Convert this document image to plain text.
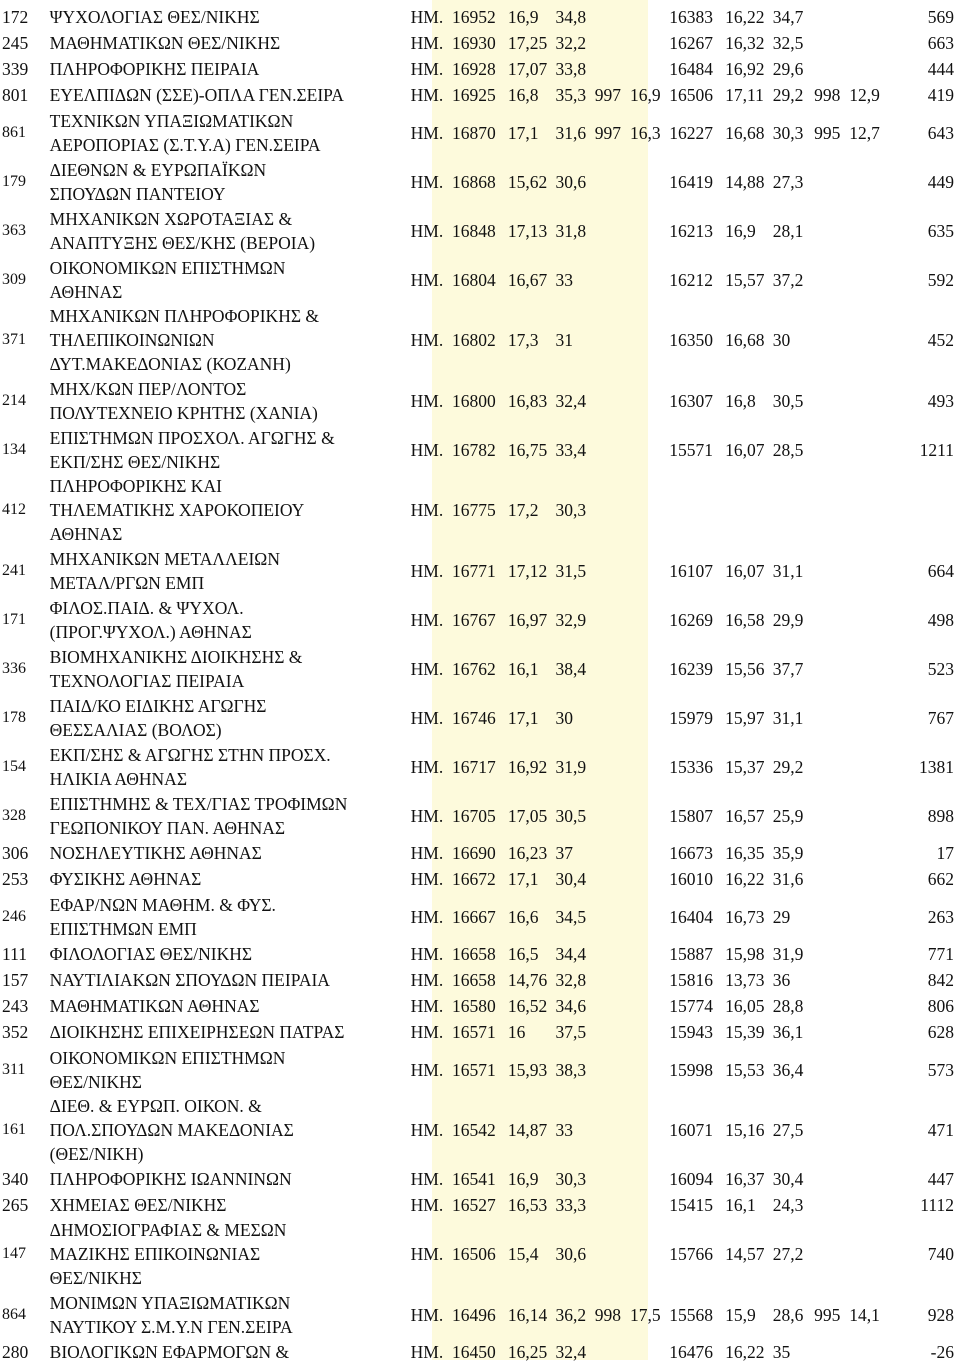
172	ΨΥΧΟΛΟΓΙΑΣ ΘΕΣ/ΝΙΚΗΣ	ΗΜ.	16952	16,9	34,8			16383	16,22	34,7			569
245	ΜΑΘΗΜΑΤΙΚΩΝ ΘΕΣ/ΝΙΚΗΣ	ΗΜ.	16930	17,25	32,2			16267	16,32	32,5			663
339	ΠΛΗΡΟΦΟΡΙΚΗΣ ΠΕΙΡΑΙΑ	ΗΜ.	16928	17,07	33,8			16484	16,92	29,6			444
801	ΕΥΕΛΠΙΔΩΝ (ΣΣΕ)-ΟΠΛΑ ΓΕΝ.ΣΕΙΡΑ	ΗΜ.	16925	16,8	35,3	997	16,9	16506	17,11	29,2	998	12,9	419
861	ΤΕΧΝΙΚΩΝ ΥΠΑΞΙΩΜΑΤΙΚΩΝ
ΑΕΡΟΠΟΡΙΑΣ (Σ.Τ.Υ.Α) ΓΕΝ.ΣΕΙΡΑ	ΗΜ.	16870	17,1	31,6	997	16,3	16227	16,68	30,3	995	12,7	643
179	ΔΙΕΘΝΩΝ & ΕΥΡΩΠΑΪΚΩΝ
ΣΠΟΥΔΩΝ ΠΑΝΤΕΙΟΥ	ΗΜ.	16868	15,62	30,6			16419	14,88	27,3			449
363	ΜΗΧΑΝΙΚΩΝ ΧΩΡΟΤΑΞΙΑΣ &
ΑΝΑΠΤΥΞΗΣ ΘΕΣ/ΚΗΣ (ΒΕΡΟΙΑ)	ΗΜ.	16848	17,13	31,8			16213	16,9	28,1			635
309	ΟΙΚΟΝΟΜΙΚΩΝ ΕΠΙΣΤΗΜΩΝ
ΑΘΗΝΑΣ	ΗΜ.	16804	16,67	33			16212	15,57	37,2			592
371	ΜΗΧΑΝΙΚΩΝ ΠΛΗΡΟΦΟΡΙΚΗΣ &
ΤΗΛΕΠΙΚΟΙΝΩΝΙΩΝ
ΔΥΤ.ΜΑΚΕΔΟΝΙΑΣ (ΚΟΖΑΝΗ)	ΗΜ.	16802	17,3	31			16350	16,68	30			452
214	ΜΗΧ/ΚΩΝ ΠΕΡ/ΛΟΝΤΟΣ
ΠΟΛΥΤΕΧΝΕΙΟ ΚΡΗΤΗΣ (ΧΑΝΙΑ)	ΗΜ.	16800	16,83	32,4			16307	16,8	30,5			493
134	ΕΠΙΣΤΗΜΩΝ ΠΡΟΣΧΟΛ. ΑΓΩΓΗΣ &
ΕΚΠ/ΣΗΣ ΘΕΣ/ΝΙΚΗΣ	ΗΜ.	16782	16,75	33,4			15571	16,07	28,5			1211
412	ΠΛΗΡΟΦΟΡΙΚΗΣ ΚΑΙ
ΤΗΛΕΜΑΤΙΚΗΣ ΧΑΡΟΚΟΠΕΙΟΥ
ΑΘΗΝΑΣ	ΗΜ.	16775	17,2	30,3								
241	ΜΗΧΑΝΙΚΩΝ ΜΕΤΑΛΛΕΙΩΝ
ΜΕΤΑΛ/ΡΓΩΝ ΕΜΠ	ΗΜ.	16771	17,12	31,5			16107	16,07	31,1			664
171	ΦΙΛΟΣ.ΠΑΙΔ. & ΨΥΧΟΛ.
(ΠΡΟΓ.ΨΥΧΟΛ.) ΑΘΗΝΑΣ	ΗΜ.	16767	16,97	32,9			16269	16,58	29,9			498
336	ΒΙΟΜΗΧΑΝΙΚΗΣ ΔΙΟΙΚΗΣΗΣ &
ΤΕΧΝΟΛΟΓΙΑΣ ΠΕΙΡΑΙΑ	ΗΜ.	16762	16,1	38,4			16239	15,56	37,7			523
178	ΠΑΙΔ/ΚΟ ΕΙΔΙΚΗΣ ΑΓΩΓΗΣ
ΘΕΣΣΑΛΙΑΣ (ΒΟΛΟΣ)	ΗΜ.	16746	17,1	30			15979	15,97	31,1			767
154	ΕΚΠ/ΣΗΣ & ΑΓΩΓΗΣ ΣΤΗΝ ΠΡΟΣΧ.
ΗΛΙΚΙΑ ΑΘΗΝΑΣ	ΗΜ.	16717	16,92	31,9			15336	15,37	29,2			1381
328	ΕΠΙΣΤΗΜΗΣ & ΤΕΧ/ΓΙΑΣ ΤΡΟΦΙΜΩΝ
ΓΕΩΠΟΝΙΚΟΥ ΠΑΝ. ΑΘΗΝΑΣ	ΗΜ.	16705	17,05	30,5			15807	16,57	25,9			898
306	ΝΟΣΗΛΕΥΤΙΚΗΣ ΑΘΗΝΑΣ	ΗΜ.	16690	16,23	37			16673	16,35	35,9			17
253	ΦΥΣΙΚΗΣ ΑΘΗΝΑΣ	ΗΜ.	16672	17,1	30,4			16010	16,22	31,6			662
246	ΕΦΑΡ/ΝΩΝ ΜΑΘΗΜ. & ΦΥΣ.
ΕΠΙΣΤΗΜΩΝ ΕΜΠ	ΗΜ.	16667	16,6	34,5			16404	16,73	29			263
111	ΦΙΛΟΛΟΓΙΑΣ ΘΕΣ/ΝΙΚΗΣ	ΗΜ.	16658	16,5	34,4			15887	15,98	31,9			771
157	ΝΑΥΤΙΛΙΑΚΩΝ ΣΠΟΥΔΩΝ ΠΕΙΡΑΙΑ	ΗΜ.	16658	14,76	32,8			15816	13,73	36			842
243	ΜΑΘΗΜΑΤΙΚΩΝ ΑΘΗΝΑΣ	ΗΜ.	16580	16,52	34,6			15774	16,05	28,8			806
352	ΔΙΟΙΚΗΣΗΣ ΕΠΙΧΕΙΡΗΣΕΩΝ ΠΑΤΡΑΣ	ΗΜ.	16571	16	37,5			15943	15,39	36,1			628
311	ΟΙΚΟΝΟΜΙΚΩΝ ΕΠΙΣΤΗΜΩΝ
ΘΕΣ/ΝΙΚΗΣ	ΗΜ.	16571	15,93	38,3			15998	15,53	36,4			573
161	ΔΙΕΘ. & ΕΥΡΩΠ. ΟΙΚΟΝ. &
ΠΟΛ.ΣΠΟΥΔΩΝ ΜΑΚΕΔΟΝΙΑΣ
(ΘΕΣ/ΝΙΚΗ)	ΗΜ.	16542	14,87	33			16071	15,16	27,5			471
340	ΠΛΗΡΟΦΟΡΙΚΗΣ ΙΩΑΝΝΙΝΩΝ	ΗΜ.	16541	16,9	30,3			16094	16,37	30,4			447
265	ΧΗΜΕΙΑΣ ΘΕΣ/ΝΙΚΗΣ	ΗΜ.	16527	16,53	33,3			15415	16,1	24,3			1112
147	ΔΗΜΟΣΙΟΓΡΑΦΙΑΣ & ΜΕΣΩΝ
ΜΑΖΙΚΗΣ ΕΠΙΚΟΙΝΩΝΙΑΣ
ΘΕΣ/ΝΙΚΗΣ	ΗΜ.	16506	15,4	30,6			15766	14,57	27,2			740
864	ΜΟΝΙΜΩΝ ΥΠΑΞΙΩΜΑΤΙΚΩΝ
ΝΑΥΤΙΚΟΥ Σ.Μ.Υ.Ν ΓΕΝ.ΣΕΙΡΑ	ΗΜ.	16496	16,14	36,2	998	17,5	15568	15,9	28,6	995	14,1	928
280	ΒΙΟΛΟΓΙΚΩΝ ΕΦΑΡΜΟΓΩΝ &	ΗΜ.	16450	16,25	32,4			16476	16,22	35			-26
